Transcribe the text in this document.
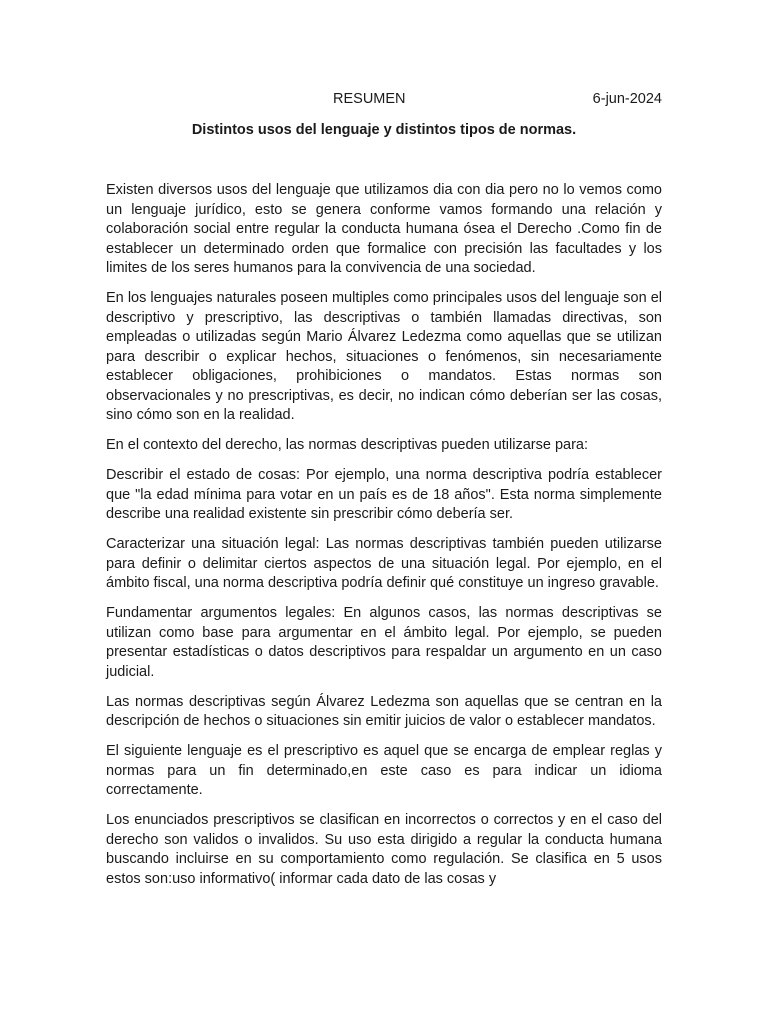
RESUMEN	6-jun-2024
Distintos usos del lenguaje y distintos tipos de normas.

Existen diversos usos del lenguaje que utilizamos dia con dia pero no lo vemos como un lenguaje jurídico, esto se genera conforme vamos formando una relación y colaboración social entre regular la conducta humana ósea el Derecho .Como fin de establecer un determinado orden que formalice con precisión las facultades y los limites de los seres humanos para la convivencia de una sociedad.

En los lenguajes naturales poseen multiples como principales usos del lenguaje son el descriptivo y prescriptivo, las descriptivas o también llamadas directivas, son empleadas o utilizadas según Mario Álvarez Ledezma como aquellas que se utilizan para describir o explicar hechos, situaciones o fenómenos, sin necesariamente establecer obligaciones, prohibiciones o mandatos. Estas normas son observacionales y no prescriptivas, es decir, no indican cómo deberían ser las cosas, sino cómo son en la realidad.

En el contexto del derecho, las normas descriptivas pueden utilizarse para:

Describir el estado de cosas: Por ejemplo, una norma descriptiva podría establecer que "la edad mínima para votar en un país es de 18 años". Esta norma simplemente describe una realidad existente sin prescribir cómo debería ser.

Caracterizar una situación legal: Las normas descriptivas también pueden utilizarse para definir o delimitar ciertos aspectos de una situación legal. Por ejemplo, en el ámbito fiscal, una norma descriptiva podría definir qué constituye un ingreso gravable.

Fundamentar argumentos legales: En algunos casos, las normas descriptivas se utilizan como base para argumentar en el ámbito legal. Por ejemplo, se pueden presentar estadísticas o datos descriptivos para respaldar un argumento en un caso judicial.

Las normas descriptivas según Álvarez Ledezma son aquellas que se centran en la descripción de hechos o situaciones sin emitir juicios de valor o establecer mandatos.

El siguiente lenguaje es el prescriptivo es aquel que se encarga de emplear reglas y normas para un fin determinado,en este caso es para indicar un idioma correctamente.

Los enunciados prescriptivos se clasifican en incorrectos o correctos y en el caso del derecho son validos o invalidos. Su uso esta dirigido a regular la conducta humana buscando incluirse en su comportamiento como regulación. Se clasifica en 5 usos estos son:uso informativo( informar cada dato de las cosas y
